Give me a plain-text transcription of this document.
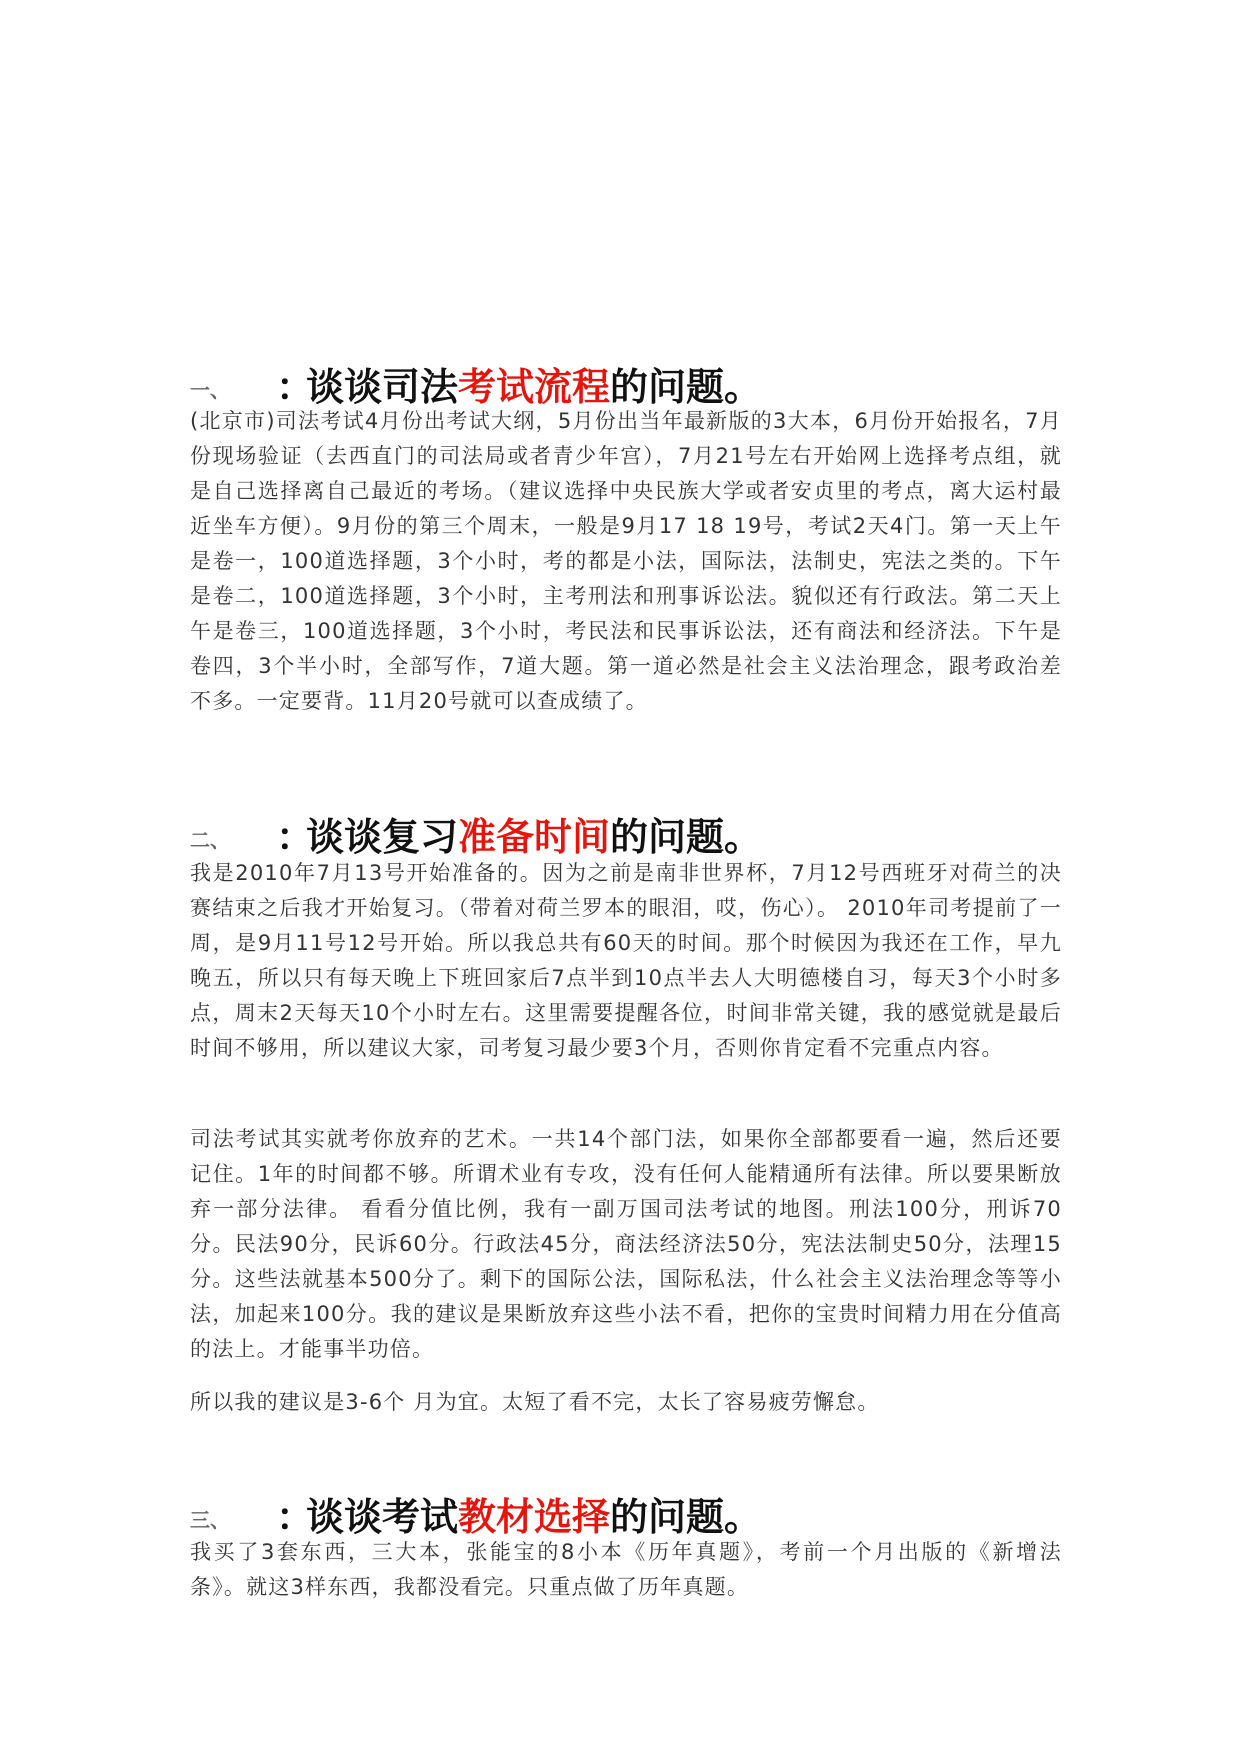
一、 ：谈谈司法考试流程的问题。

(北京市)司法考试4月份出考试大纲，5月份出当年最新版的3大本，6月份开始报名，7月份现场验证（去西直门的司法局或者青少年宫），7月21号左右开始网上选择考点组，就是自己选择离自己最近的考场。（建议选择中央民族大学或者安贞里的考点，离大运村最近坐车方便）。9月份的第三个周末，一般是9月17 18 19号，考试2天4门。第一天上午是卷一，100道选择题，3个小时，考的都是小法，国际法，法制史，宪法之类的。下午是卷二，100道选择题，3个小时，主考刑法和刑事诉讼法。貌似还有行政法。第二天上午是卷三，100道选择题，3个小时，考民法和民事诉讼法，还有商法和经济法。下午是卷四，3个半小时，全部写作，7道大题。第一道必然是社会主义法治理念，跟考政治差不多。一定要背。11月20号就可以查成绩了。

二、 ：谈谈复习准备时间的问题。

我是2010年7月13号开始准备的。因为之前是南非世界杯，7月12号西班牙对荷兰的决赛结束之后我才开始复习。（带着对荷兰罗本的眼泪，哎，伤心）。 2010年司考提前了一周，是9月11号12号开始。所以我总共有60天的时间。那个时候因为我还在工作，早九晚五，所以只有每天晚上下班回家后7点半到10点半去人大明德楼自习，每天3个小时多点，周末2天每天10个小时左右。这里需要提醒各位，时间非常关键，我的感觉就是最后时间不够用，所以建议大家，司考复习最少要3个月，否则你肯定看不完重点内容。

司法考试其实就考你放弃的艺术。一共14个部门法，如果你全部都要看一遍，然后还要记住。1年的时间都不够。所谓术业有专攻，没有任何人能精通所有法律。所以要果断放弃一部分法律。 看看分值比例，我有一副万国司法考试的地图。刑法100分，刑诉70分。民法90分，民诉60分。行政法45分，商法经济法50分，宪法法制史50分，法理15分。这些法就基本500分了。剩下的国际公法，国际私法，什么社会主义法治理念等等小法，加起来100分。我的建议是果断放弃这些小法不看，把你的宝贵时间精力用在分值高的法上。才能事半功倍。

所以我的建议是3-6个 月为宜。太短了看不完，太长了容易疲劳懈怠。

三、 ：谈谈考试教材选择的问题。

我买了3套东西，三大本，张能宝的8小本《历年真题》，考前一个月出版的《新增法条》。就这3样东西，我都没看完。只重点做了历年真题。
